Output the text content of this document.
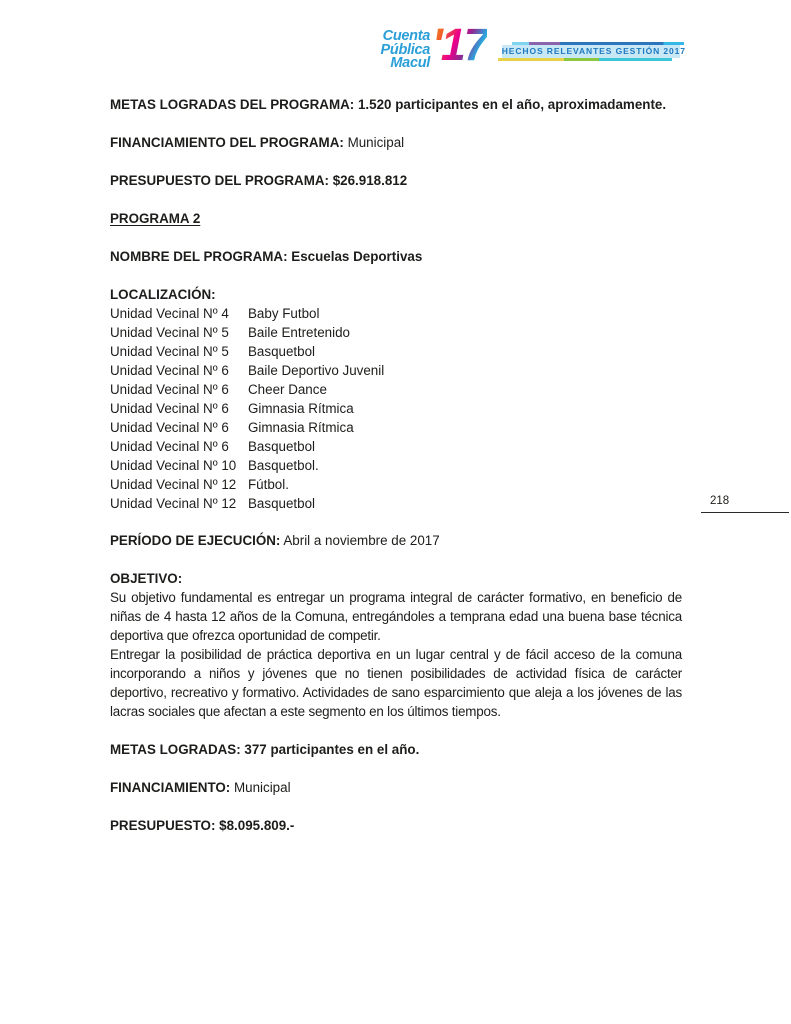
Cuenta
Pública
Macul '17 HECHOS RELEVANTES GESTIÓN 2017
218

METAS LOGRADAS DEL PROGRAMA: 1.520 participantes en el año, aproximadamente.

FINANCIAMIENTO DEL PROGRAMA: Municipal

PRESUPUESTO DEL PROGRAMA: $26.918.812

PROGRAMA 2

NOMBRE DEL PROGRAMA: Escuelas Deportivas

LOCALIZACIÓN:

Unidad Vecinal Nº 4	Baby Futbol
Unidad Vecinal Nº 5	Baile Entretenido
Unidad Vecinal Nº 5	Basquetbol
Unidad Vecinal Nº 6	Baile Deportivo Juvenil
Unidad Vecinal Nº 6	Cheer Dance
Unidad Vecinal Nº 6	Gimnasia Rítmica
Unidad Vecinal Nº 6	Gimnasia Rítmica
Unidad Vecinal Nº 6	Basquetbol
Unidad Vecinal Nº 10 Basquetbol.
Unidad Vecinal Nº 12 Fútbol.
Unidad Vecinal Nº 12 Basquetbol

PERÍODO DE EJECUCIÓN: Abril a noviembre de 2017

OBJETIVO:

Su objetivo fundamental es entregar un programa integral de carácter formativo, en beneficio de niñas de 4 hasta 12 años de la Comuna, entregándoles a temprana edad una buena base técnica deportiva que ofrezca oportunidad de competir.

Entregar la posibilidad de práctica deportiva en un lugar central y de fácil acceso de la comuna incorporando a niños y jóvenes que no tienen posibilidades de actividad física de carácter deportivo, recreativo y formativo. Actividades de sano esparcimiento que aleja a los jóvenes de las lacras sociales que afectan a este segmento en los últimos tiempos.

METAS LOGRADAS: 377 participantes en el año.

FINANCIAMIENTO: Municipal

PRESUPUESTO: $8.095.809.-
